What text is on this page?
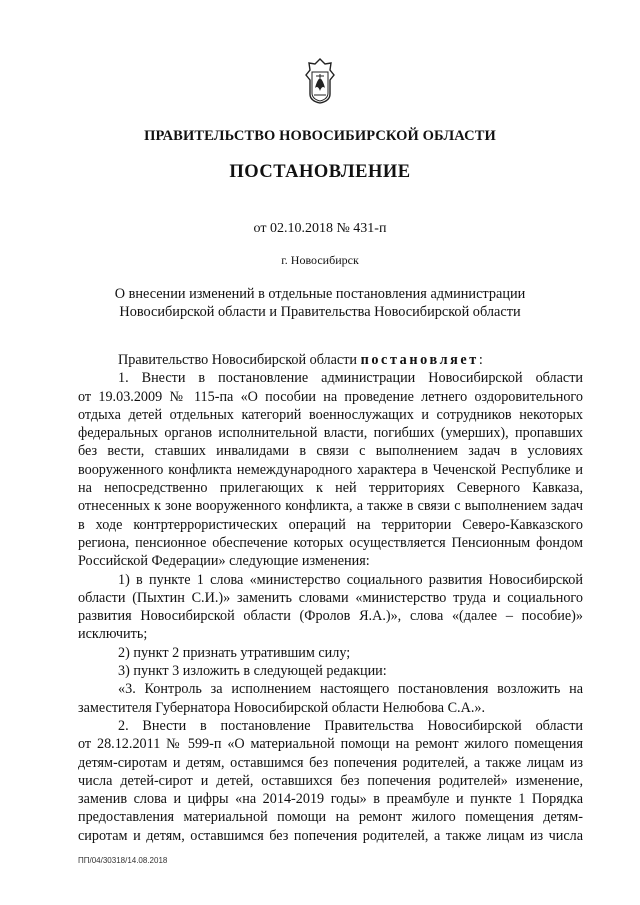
ПРАВИТЕЛЬСТВО НОВОСИБИРСКОЙ ОБЛАСТИ
ПОСТАНОВЛЕНИЕ
от 02.10.2018 № 431-п
г. Новосибирск
О внесении изменений в отдельные постановления администрации
Новосибирской области и Правительства Новосибирской области
Правительство Новосибирской области постановляет:
1. Внести в постановление администрации Новосибирской области
от 19.03.2009 № 115-па «О пособии на проведение летнего оздоровительного
отдыха детей отдельных категорий военнослужащих и сотрудников некоторых
федеральных органов исполнительной власти, погибших (умерших), пропавших
без вести, ставших инвалидами в связи с выполнением задач в условиях
вооруженного конфликта немеждународного характера в Чеченской Республике и
на непосредственно прилегающих к ней территориях Северного Кавказа,
отнесенных к зоне вооруженного конфликта, а также в связи с выполнением задач
в ходе контртеррористических операций на территории Северо-Кавказского
региона, пенсионное обеспечение которых осуществляется Пенсионным фондом
Российской Федерации» следующие изменения:
1) в пункте 1 слова «министерство социального развития Новосибирской
области (Пыхтин С.И.)» заменить словами «министерство труда и социального
развития Новосибирской области (Фролов Я.А.)», слова «(далее – пособие)»
исключить;
2) пункт 2 признать утратившим силу;
3) пункт 3 изложить в следующей редакции:
«3. Контроль за исполнением настоящего постановления возложить на
заместителя Губернатора Новосибирской области Нелюбова С.А.».
2. Внести в постановление Правительства Новосибирской области
от 28.12.2011 № 599-п «О материальной помощи на ремонт жилого помещения
детям-сиротам и детям, оставшимся без попечения родителей, а также лицам из
числа детей-сирот и детей, оставшихся без попечения родителей» изменение,
заменив слова и цифры «на 2014-2019 годы» в преамбуле и пункте 1 Порядка
предоставления материальной помощи на ремонт жилого помещения детям-
сиротам и детям, оставшимся без попечения родителей, а также лицам из числа
ПП/04/30318/14.08.2018
